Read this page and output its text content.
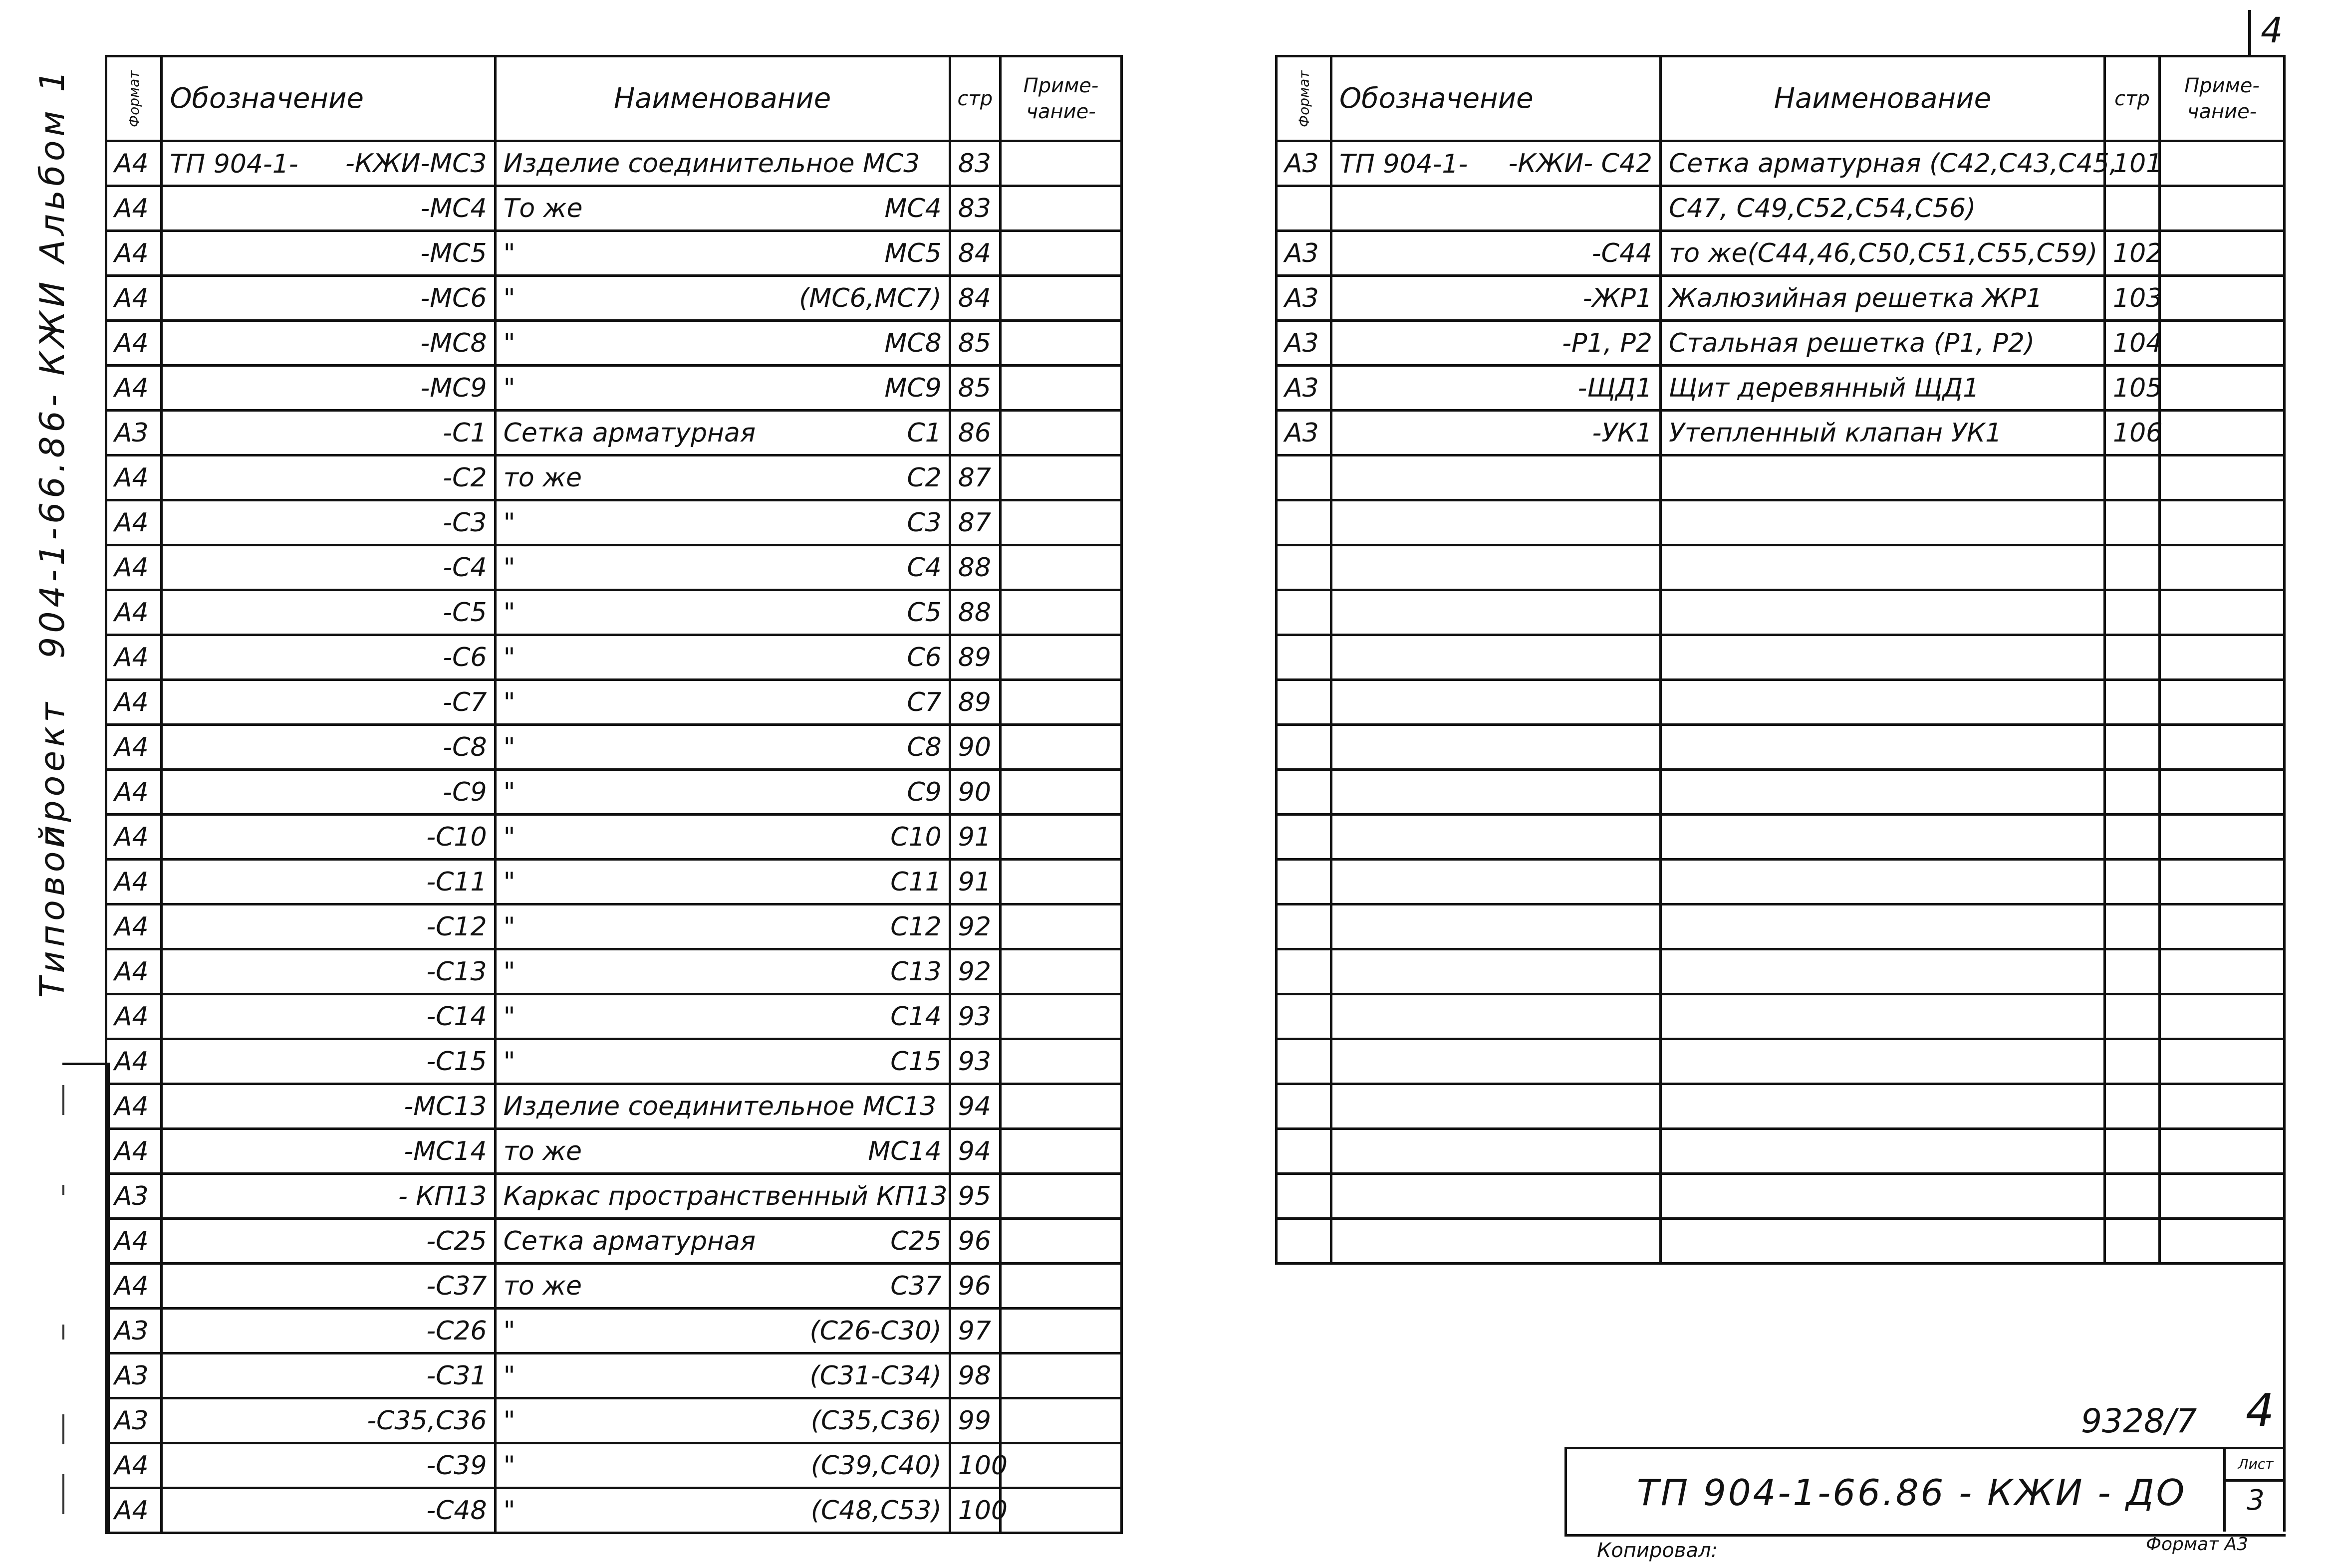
4
Типовой
проект
904-1-66.86- КЖИ Альбом 1	Формат	Обозначение	Наименование	стр	Приме-чание-
А4	ТП 904-1- -КЖИ-МС3	Изделие соединительное МС3	83	
А4	-МС4	То же МС4	83	
А4	-МС5	" МС5	84	
А4	-МС6	" (МС6,МС7)	84	
А4	-МС8	" МС8	85	
А4	-МС9	" МС9	85	
А3	-С1	Сетка арматурная С1	86	
А4	-С2	то же С2	87	
А4	-С3	" С3	87	
А4	-С4	" С4	88	
А4	-С5	" С5	88	
А4	-С6	" С6	89	
А4	-С7	" С7	89	
А4	-С8	" С8	90	
А4	-С9	" С9	90	
А4	-С10	" С10	91	
А4	-С11	" С11	91	
А4	-С12	" С12	92	
А4	-С13	" С13	92	
А4	-С14	" С14	93	
А4	-С15	" С15	93	
А4	-МС13	Изделие соединительное МС13	94	
А4	-МС14	то же МС14	94	
А3	- КП13	Каркас пространственный КП13	95	
А4	-С25	Сетка арматурная С25	96	
А4	-С37	то же С37	96	
А3	-С26	" (С26-С30)	97	
А3	-С31	" (С31-С34)	98	
А3	-С35,С36	" (С35,С36)	99	
А4	-С39	" (С39,С40)	100	
А4	-С48	" (С48,С53)	100	
Формат	Обозначение	Наименование	стр	Приме-чание-
А3	ТП 904-1- -КЖИ- С42	Сетка арматурная (С42,С43,С45,	101	

		С47, С49,С52,С54,С56)		

А3	-С44	то же(С44,46,С50,С51,С55,С59)	102	
А3	-ЖР1	Жалюзийная решетка ЖР1	103	
А3	-Р1, Р2	Стальная решетка (Р1, Р2)	104	
А3	-ЩД1	Щит деревянный ЩД1	105	
А3	-УК1	Утепленный клапан УК1	106	

9328/7 4
ТП 904-1-66.86 - КЖИ - ДО
Лист
3
Копировал:	Формат А3
